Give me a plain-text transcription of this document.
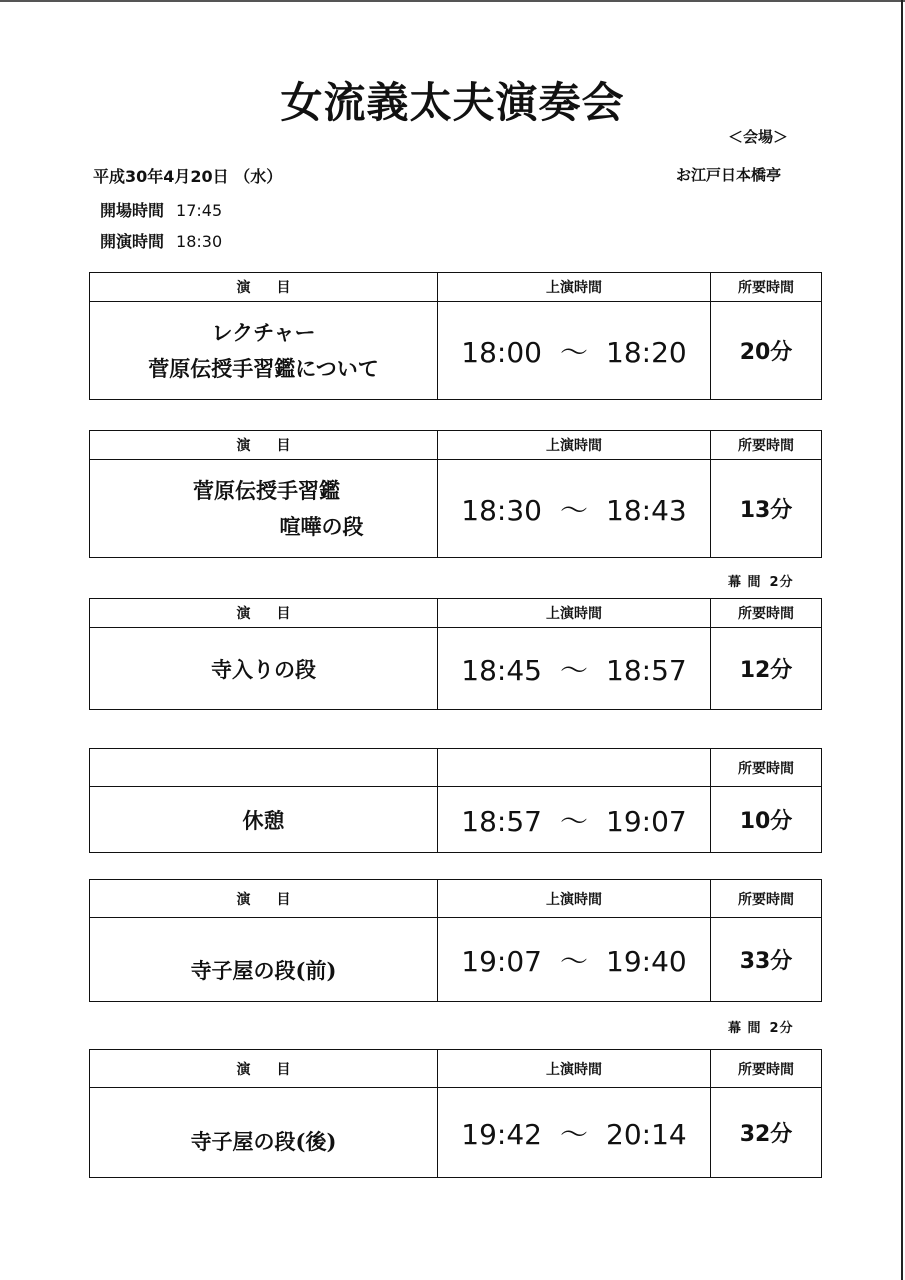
女流義太夫演奏会
＜会場＞
お江戸日本橋亭
平成30年4月20日 （水）
開場時間 17:45
開演時間 18:30
演目	上演時間	所要時間

レクチャー
菅原伝授手習鑑について	18:00 ～ 18:20	20分
演目	上演時間	所要時間

菅原伝授手習鑑
喧嘩の段	18:30 ～ 18:43	13分
幕 間 2分
演目	上演時間	所要時間
寺入りの段	18:45 ～ 18:57	12分
		所要時間
休憩	18:57 ～ 19:07	10分
演目	上演時間	所要時間
寺子屋の段(前)	19:07 ～ 19:40	33分
幕 間 2分
演目	上演時間	所要時間
寺子屋の段(後)	19:42 ～ 20:14	32分
